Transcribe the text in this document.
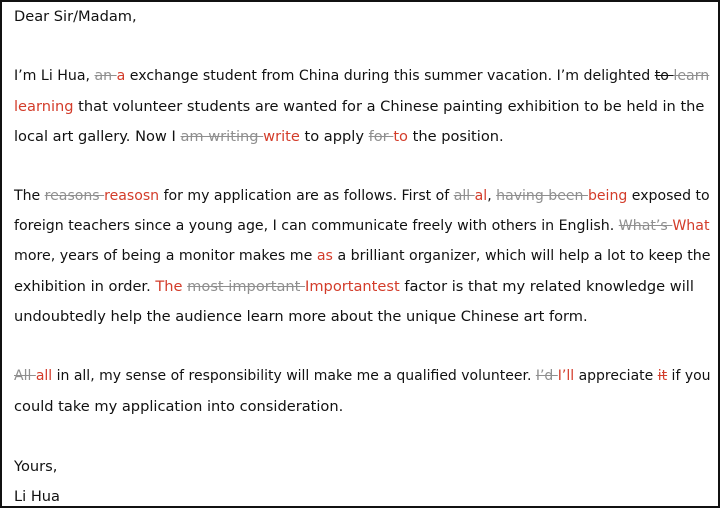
Dear Sir/Madam,
I’m Li Hua, an a exchange student from China during this summer vacation. I’m delighted to learn
learning that volunteer students are wanted for a Chinese painting exhibition to be held in the
local art gallery. Now I am writing write to apply for to the position.
The reasons reasosn for my application are as follows. First of all al, having been being exposed to
foreign teachers since a young age, I can communicate freely with others in English. What’s What
more, years of being a monitor makes me as a brilliant organizer, which will help a lot to keep the
exhibition in order. The most important Importantest factor is that my related knowledge will
undoubtedly help the audience learn more about the unique Chinese art form.
All all in all, my sense of responsibility will make me a qualified volunteer. I’d I’ll appreciate it if you
could take my application into consideration.
Yours,
Li Hua
